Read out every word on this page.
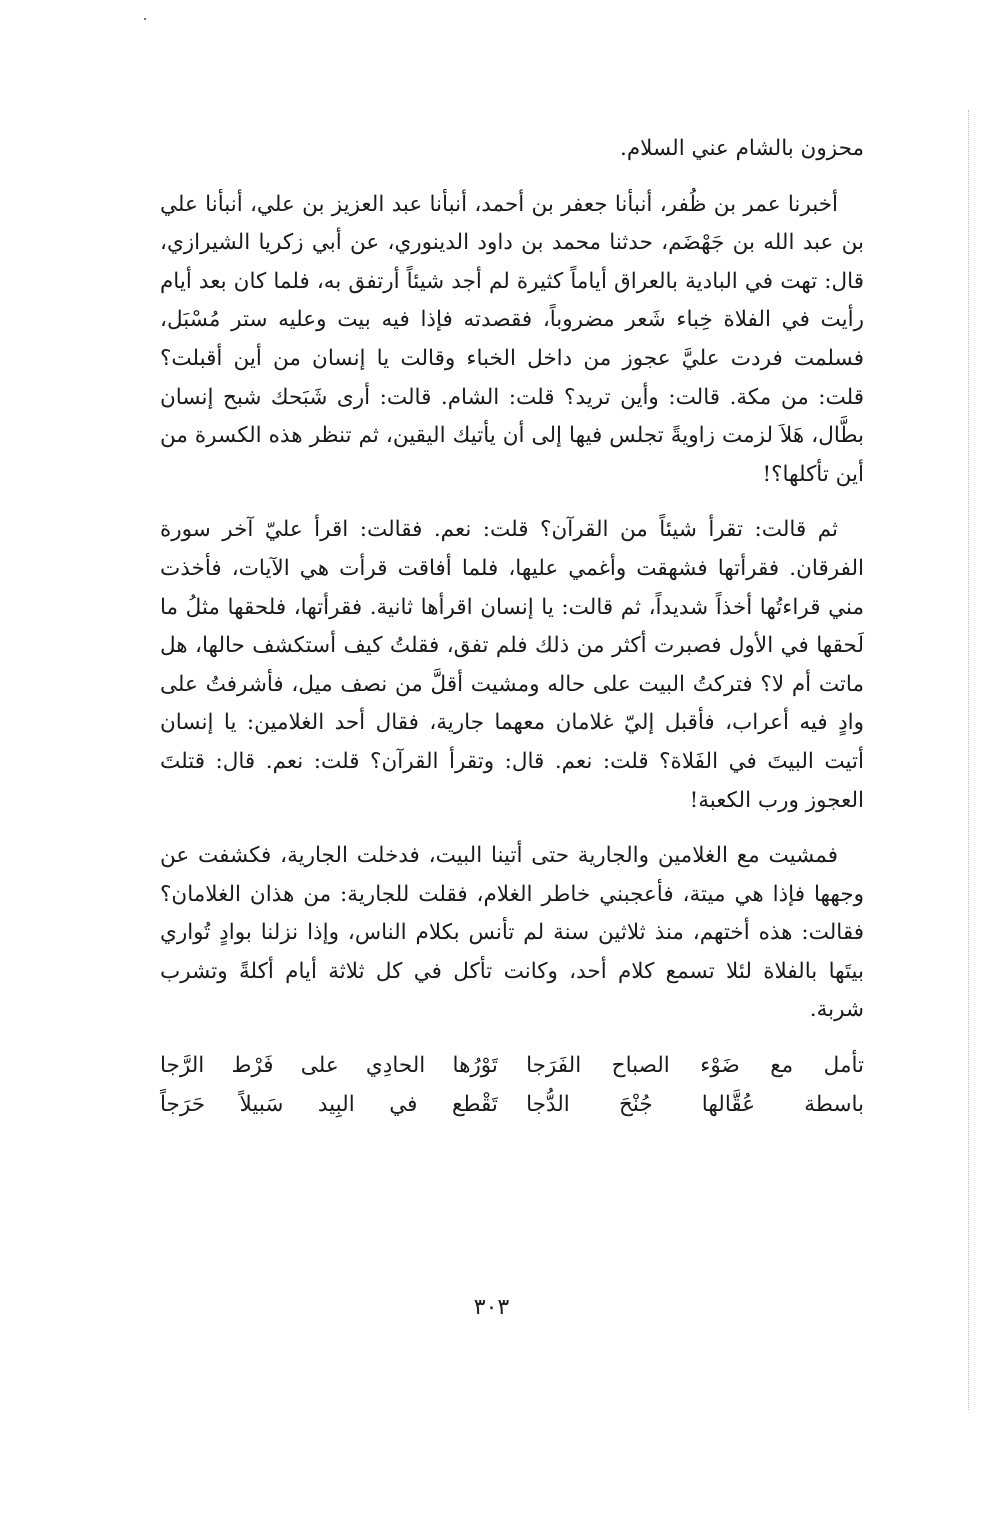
محزون بالشام عني السلام.

أخبرنا عمر بن ظُفر، أنبأنا جعفر بن أحمد، أنبأنا عبد العزيز بن علي، أنبأنا علي بن عبد الله بن جَهْضَم، حدثنا محمد بن داود الدينوري، عن أبي زكريا الشيرازي، قال: تهت في البادية بالعراق أياماً كثيرة لم أجد شيئاً أرتفق به، فلما كان بعد أيام رأيت في الفلاة خِباء شَعر مضروباً، فقصدته فإذا فيه بيت وعليه ستر مُسْبَل، فسلمت فردت عليَّ عجوز من داخل الخباء وقالت يا إنسان من أين أقبلت؟ قلت: من مكة. قالت: وأين تريد؟ قلت: الشام. قالت: أرى شَبَحك شبح إنسان بطَّال، هَلاَ لزمت زاويةً تجلس فيها إلى أن يأتيك اليقين، ثم تنظر هذه الكسرة من أين تأكلها؟!

ثم قالت: تقرأ شيئاً من القرآن؟ قلت: نعم. فقالت: اقرأ عليّ آخر سورة الفرقان. فقرأتها فشهقت وأغمي عليها، فلما أفاقت قرأت هي الآيات، فأخذت مني قراءتُها أخذاً شديداً، ثم قالت: يا إنسان اقرأها ثانية. فقرأتها، فلحقها مثلُ ما لَحقها في الأول فصبرت أكثر من ذلك فلم تفق، فقلتُ كيف أستكشف حالها، هل ماتت أم لا؟ فتركتُ البيت على حاله ومشيت أقلَّ من نصف ميل، فأشرفتُ على وادٍ فيه أعراب، فأقبل إليّ غلامان معهما جارية، فقال أحد الغلامين: يا إنسان أتيت البيتَ في الفَلاة؟ قلت: نعم. قال: وتقرأ القرآن؟ قلت: نعم. قال: قتلتَ العجوز ورب الكعبة!

فمشيت مع الغلامين والجارية حتى أتينا البيت، فدخلت الجارية، فكشفت عن وجهها فإذا هي ميتة، فأعجبني خاطر الغلام، فقلت للجارية: من هذان الغلامان؟ فقالت: هذه أختهم، منذ ثلاثين سنة لم تأنس بكلام الناس، وإذا نزلنا بوادٍ تُواري بيتَها بالفلاة لئلا تسمع كلام أحد، وكانت تأكل في كل ثلاثة أيام أكلةً وتشرب شربة.

تأمل مع ضَوْء الصباح الفَرَجا
تَوْرُها الحادِي على فَرْط الرَّجا
باسطة عُقَّالها جُنْحَ الدُّجا
تَقْطع في البِيد سَبيلاً حَرَجاً
٣٠٣
